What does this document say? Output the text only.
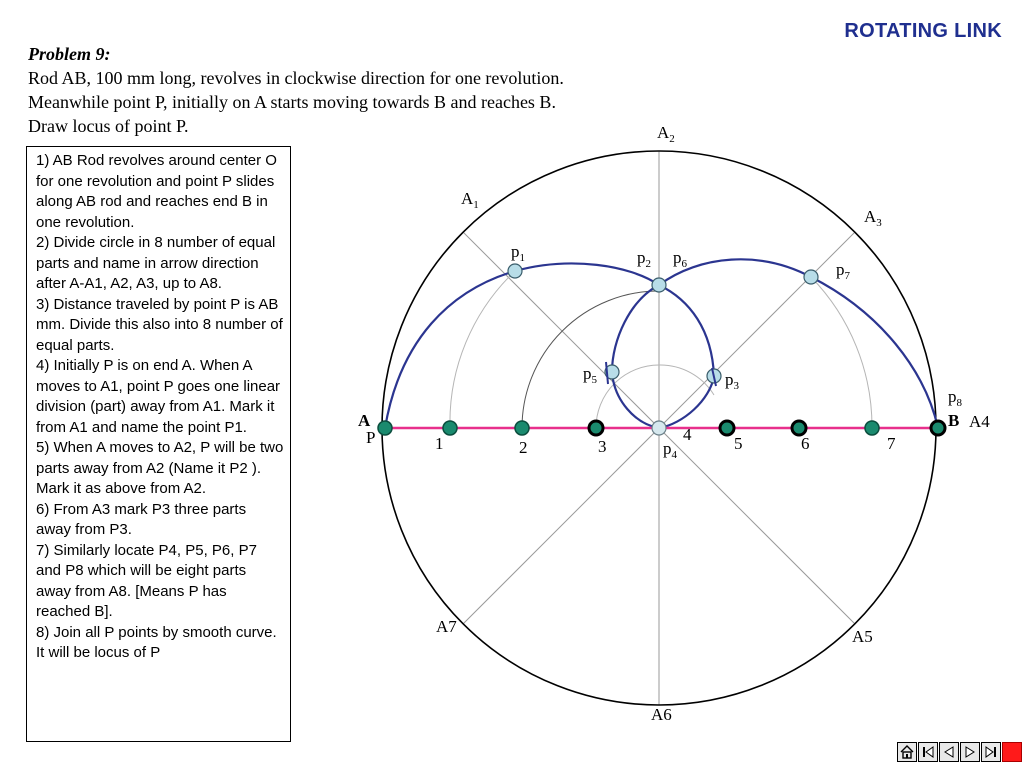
ROTATING LINK
Problem 9:
Rod AB, 100 mm long, revolves in clockwise direction for one revolution.
Meanwhile point P, initially on A starts moving towards B and reaches B.
Draw locus of point P.
1) AB Rod revolves around center O for one revolution and point P slides along AB rod and reaches end B in one revolution.
2) Divide circle in 8 number of equal parts and name in arrow direction after A-A1, A2, A3, up to A8.
3) Distance traveled by point P is AB mm. Divide this also into 8 number of equal parts.
4) Initially P is on end A. When A moves to A1, point P goes one linear division (part) away from A1. Mark it from A1 and name the point P1.
5) When A moves to A2, P will be two parts away from A2 (Name it P2 ). Mark it as above from A2.
6) From A3 mark P3 three parts away from P3.
7) Similarly locate P4, P5, P6, P7 and P8 which will be eight parts away from A8. [Means P has reached B].
8) Join all P points by smooth curve. It will be locus of P
A
P
B A4
$A_1$
$A_2$
$A_3$
A5
A6
A7
1	2	3
4	5	6	7
$p_1$	$p_2$ $p_6$	$p_7$
$p_5$	$p_3$
$p_4$
$p_8$
